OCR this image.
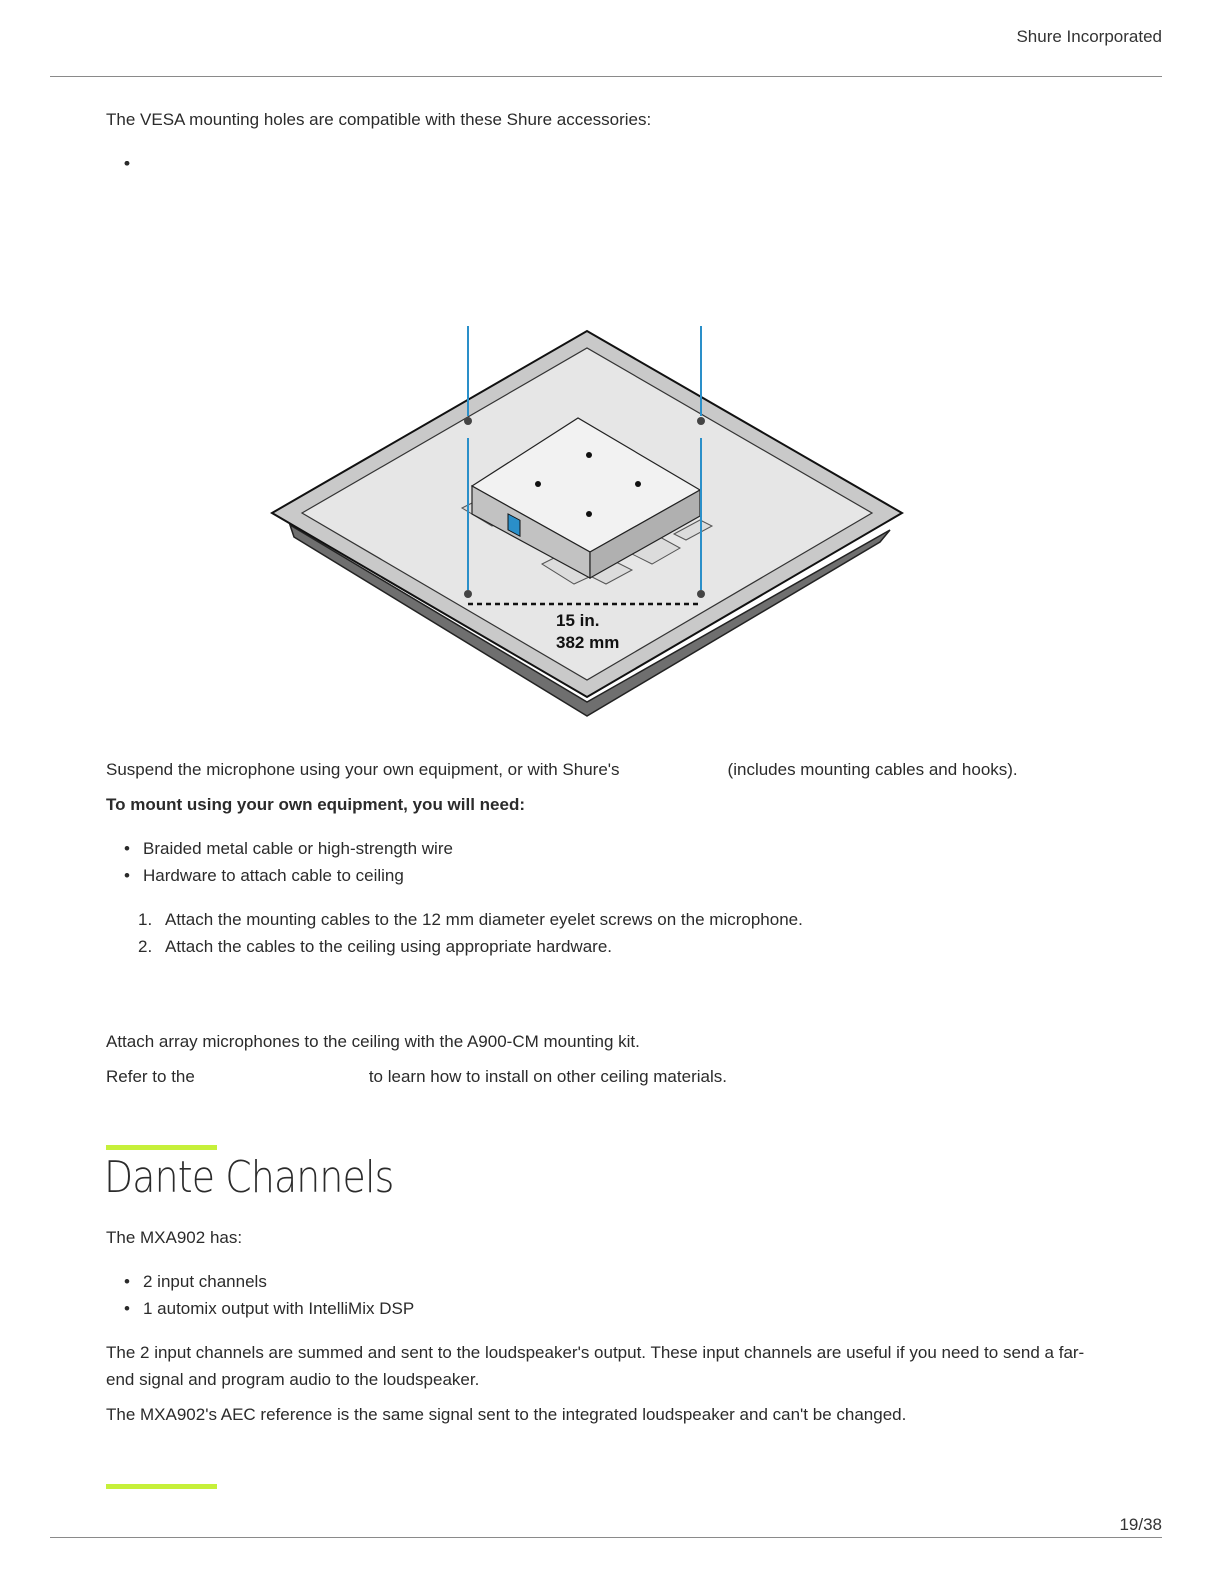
Shure Incorporated

The VESA mounting holes are compatible with these Shure accessories:

15 in.
382 mm

Suspend the microphone using your own equipment, or with Shure's	(includes mounting cables and hooks).

To mount using your own equipment, you will need:

• Braided metal cable or high-strength wire
• Hardware to attach cable to ceiling
1. Attach the mounting cables to the 12 mm diameter eyelet screws on the microphone.
2. Attach the cables to the ceiling using appropriate hardware.

Attach array microphones to the ceiling with the A900-CM mounting kit.

Refer to the	to learn how to install on other ceiling materials.

Dante Channels

The MXA902 has:

• 2 input channels
• 1 automix output with IntelliMix DSP

The 2 input channels are summed and sent to the loudspeaker's output. These input channels are useful if you need to send a far-end signal and program audio to the loudspeaker.

The MXA902's AEC reference is the same signal sent to the integrated loudspeaker and can't be changed.

19/38
